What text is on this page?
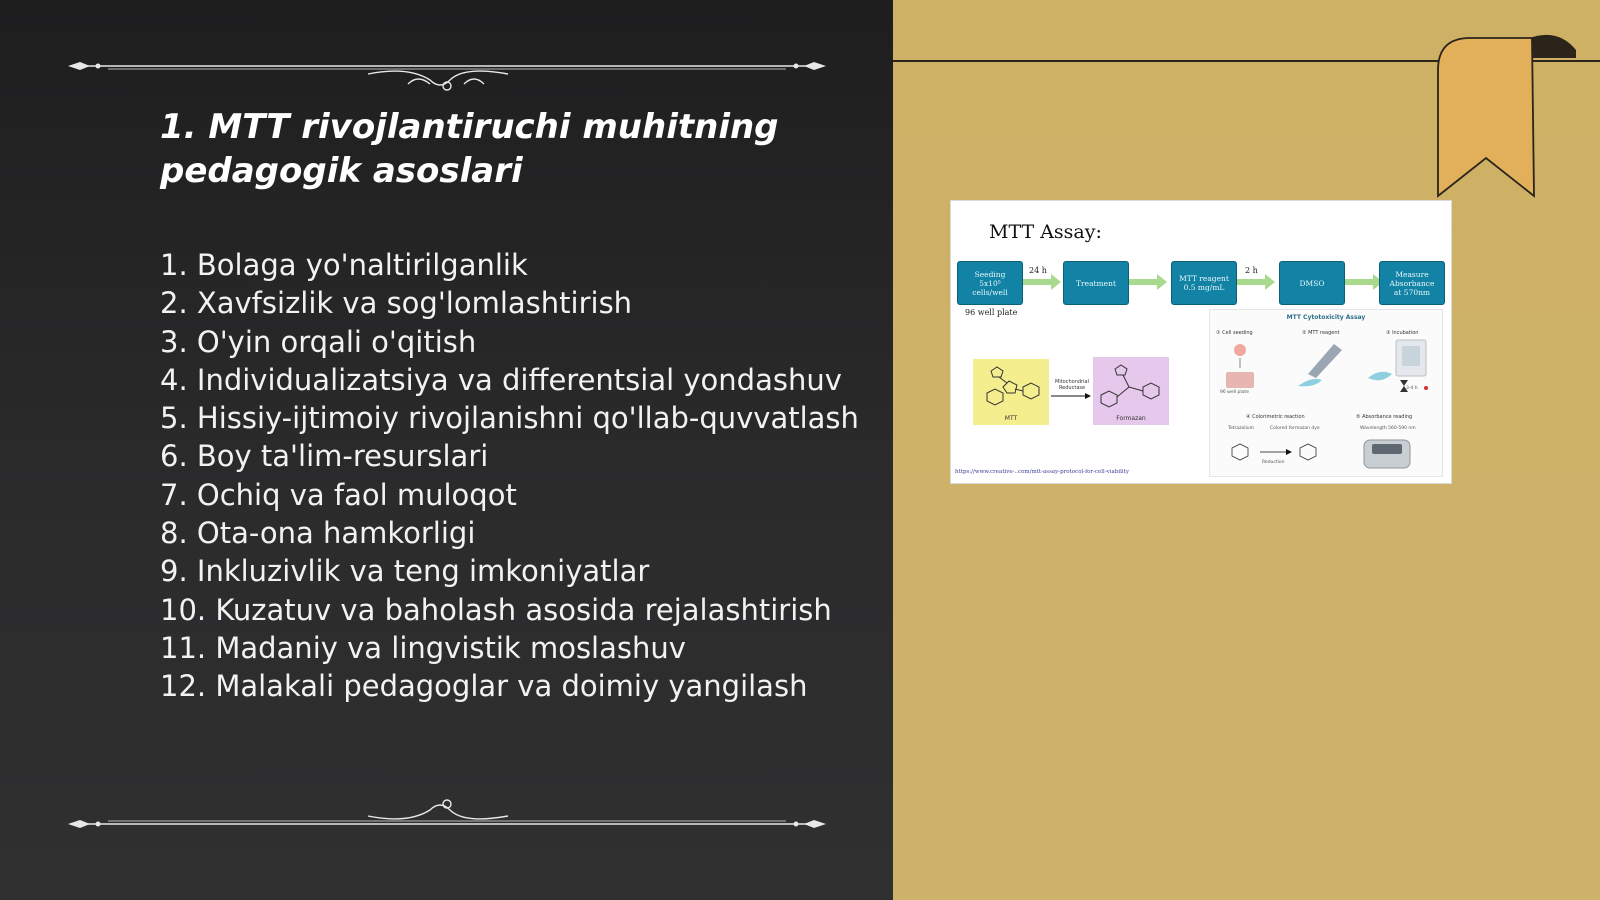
1. MTT rivojlantiruchi muhitning pedagogik asoslari
1. Bolaga yo'naltirilganlik
2. Xavfsizlik va sog'lomlashtirish
3. O'yin orqali o'qitish
4. Individualizatsiya va differentsial yondashuv
5. Hissiy-ijtimoiy rivojlanishni qo'llab-quvvatlash
6. Boy ta'lim-resurslari
7. Ochiq va faol muloqot
8. Ota-ona hamkorligi
9. Inkluzivlik va teng imkoniyatlar
10. Kuzatuv va baholash asosida rejalashtirish
11. Madaniy va lingvistik moslashuv
12. Malakali pedagoglar va doimiy yangilash
MTT Assay:
Seeding
5x10⁵
cells/well
24 h
Treatment	MTT reagent
0.5 mg/mL
2 h
DMSO
Measure
Absorbance
at 570nm
96 well plate
MTT
Mitochondrial Reductase
Formazan
MTT Cytotoxicity Assay
① Cell seeding	② MTT reagent	③ Incubation
96 well plate
3-4 h
④ Colorimetric reaction	⑤ Absorbance reading
Tetrazolium	Colored formazan dye	Wavelength 560-590 nm
Reduction
https://www.creative-..com/mtt-assay-protocol-for-cell-viability
